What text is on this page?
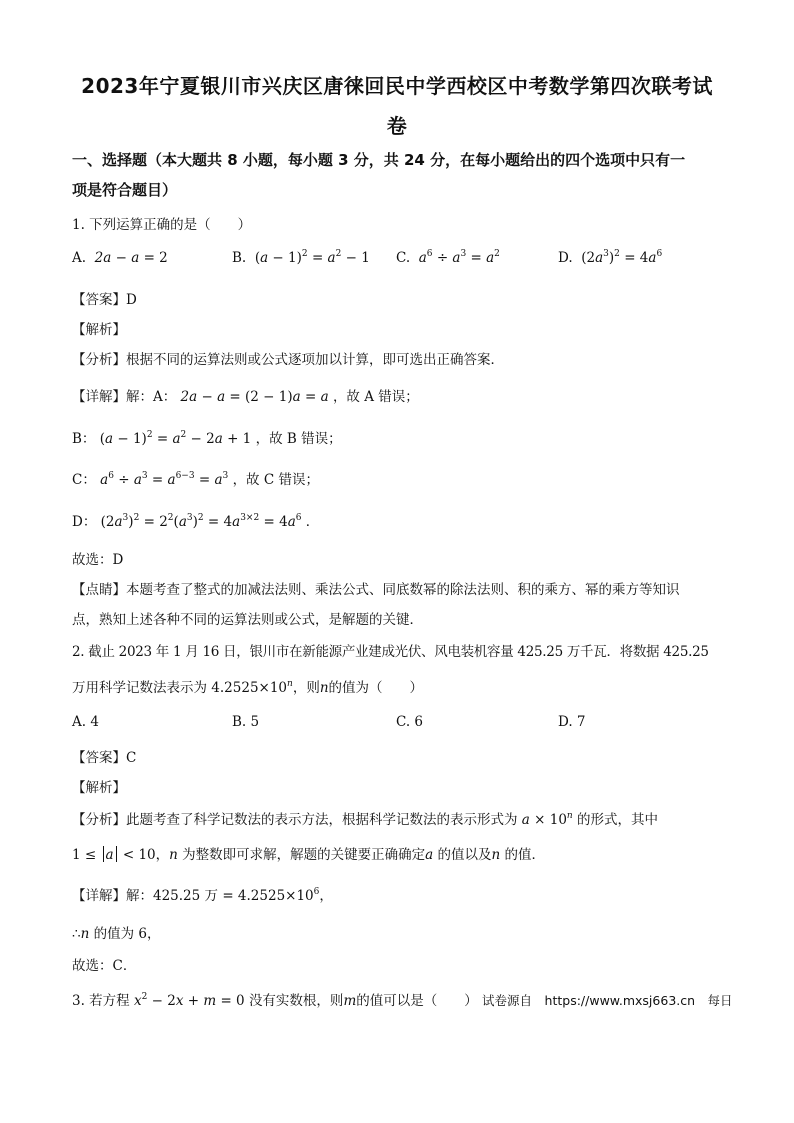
2023年宁夏银川市兴庆区唐徕回民中学西校区中考数学第四次联考试
卷
一、选择题（本大题共 8 小题，每小题 3 分，共 24 分，在每小题给出的四个选项中只有一
项是符合题目）
1. 下列运算正确的是（　　）
A. 2a − a = 2	B. $(a - 1)^2 = a^2 - 1$ C. $a^6 \div a^3 = a^2$	D. $(2a^3)^2 = 4a^6$
【答案】D
【解析】
【分析】根据不同的运算法则或公式逐项加以计算，即可选出正确答案．
【详解】解：A： 2a − a = (2 − 1)a = a ，故 A 错误；
B： $(a - 1)^2 = a^2 - 2a + 1$ ，故 B 错误；
C： $a^6 \div a^3 = a^{6-3} = a^3$ ，故 C 错误；
D： $(2a^3)^2 = 2^2(a^3)^2 = 4a^{3\times 2} = 4a^6$ ．
故选：D
【点睛】本题考查了整式的加减法法则、乘法公式、同底数幂的除法法则、积的乘方、幂的乘方等知识
点，熟知上述各种不同的运算法则或公式，是解题的关键．
2. 截止 2023 年 1 月 16 日，银川市在新能源产业建成光伏、风电装机容量 425.25 万千瓦．将数据 425.25
万用科学记数法表示为 $4.2525\times 10^n$，则n的值为（　　）
A. 4	B. 5	C. 6	D. 7
【答案】C
【解析】
【分析】此题考查了科学记数法的表示方法，根据科学记数法的表示形式为 $a \times 10^n$ 的形式，其中
1 ≤ a < 10，n 为整数即可求解，解题的关键要正确确定a 的值以及n 的值．
【详解】解：425.25 万 = $4.2525\times 10^6$，
∴n 的值为 6，
故选：C．
3. 若方程 $x^2 - 2x + m = 0$ 没有实数根，则m的值可以是（　　） 试卷源自　https://www.mxsj663.cn　每日
